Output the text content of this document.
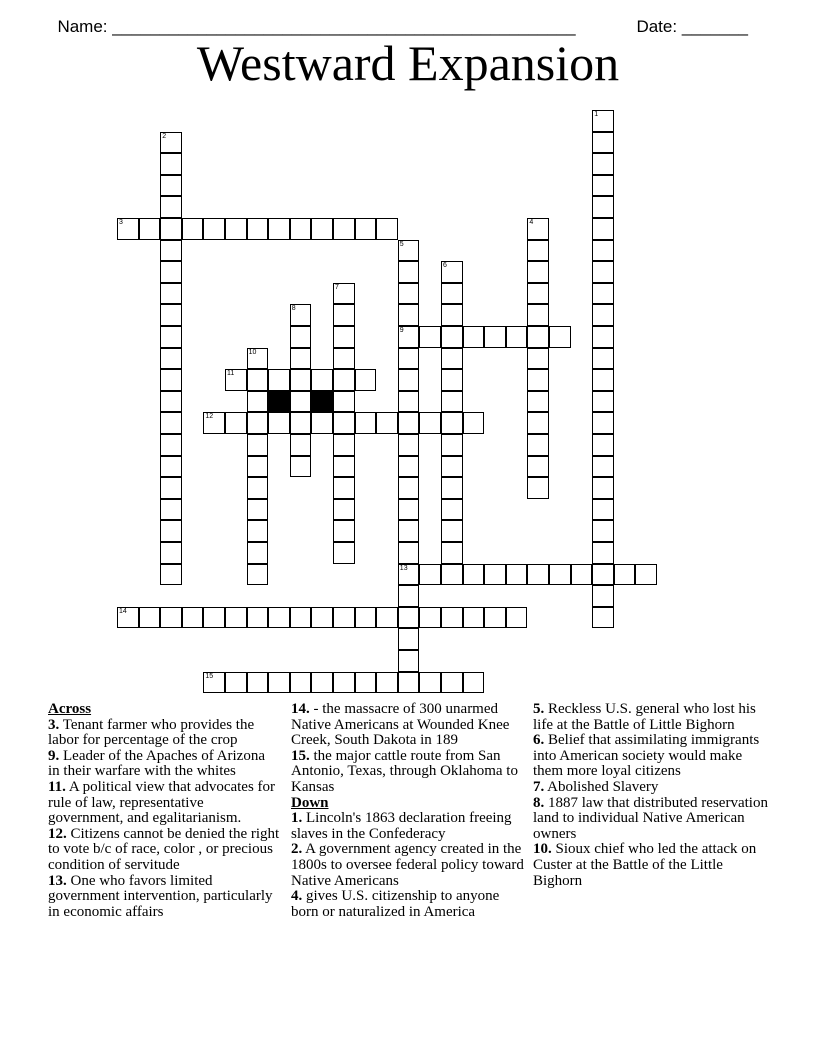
Name: _________________________________________________	Date: _______

Westward Expansion
1
2
3	4
5
9
13
6
7
8
10
11
12
14
15
Across
3. Tenant farmer who provides the labor for percentage of the crop
9. Leader of the Apaches of Arizona in their warfare with the whites
11. A political view that advocates for rule of law, representative government, and egalitarianism.
12. Citizens cannot be denied the right to vote b/c of race, color , or precious condition of servitude
13. One who favors limited government intervention, particularly in economic affairs
14. - the massacre of 300 unarmed Native Americans at Wounded Knee Creek, South Dakota in 189
15. the major cattle route from San Antonio, Texas, through Oklahoma to Kansas
Down
1. Lincoln's 1863 declaration freeing slaves in the Confederacy
2. A government agency created in the 1800s to oversee federal policy toward Native Americans
4. gives U.S. citizenship to anyone born or naturalized in America
5. Reckless U.S. general who lost his life at the Battle of Little Bighorn
6. Belief that assimilating immigrants into American society would make them more loyal citizens
7. Abolished Slavery
8. 1887 law that distributed reservation land to individual Native American owners
10. Sioux chief who led the attack on Custer at the Battle of the Little Bighorn
